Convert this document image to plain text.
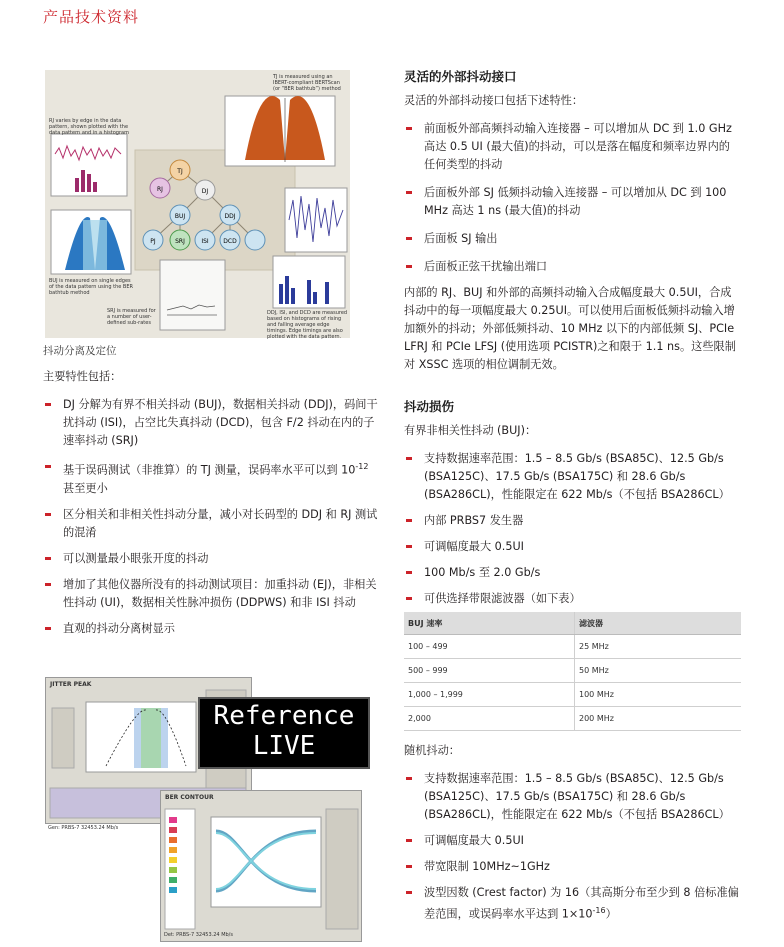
产品技术资料
TJ
DJ
RJ
BUJ	DDJ
PJ	SRJ	ISI DCD
TJ is measured using an IBERT-compliant BERTScan (or “BER bathtub”) method
RJ varies by edge in the data pattern, shown plotted with the data pattern and in a histogram
BUJ is measured on single edges of the data pattern using the BER bathtub method
SRJ is measured for a number of user-defined sub-rates
DDJ, ISI, and DCD are measured based on histograms of rising and falling average edge timings. Edge timings are also plotted with the data pattern.
抖动分离及定位

主要特性包括：

DJ 分解为有界不相关抖动 (BUJ)，数据相关抖动 (DDJ)，码间干扰抖动 (ISI)，占空比失真抖动 (DCD)，包含 F/2 抖动在内的子速率抖动 (SRJ)
基于误码测试（非推算）的 TJ 测量，误码率水平可以到 $10^{-12}$ 甚至更小
区分相关和非相关性抖动分量，减小对长码型的 DDJ 和 RJ 测试的混淆
可以测量最小眼张开度的抖动
增加了其他仪器所没有的抖动测试项目：加重抖动 (EJ)，非相关性抖动 (UI)，数据相关性脉冲损伤 (DDPWS) 和非 ISI 抖动
直观的抖动分离树显示
JITTER PEAK
Reference
LIVE
BER CONTOUR
Gen: PRBS-7 32453.24 Mb/s
Det: PRBS-7 32453.24 Mb/s

灵活的外部抖动接口

灵活的外部抖动接口包括下述特性：

前面板外部高频抖动输入连接器 – 可以增加从 DC 到 1.0 GHz 高达 0.5 UI (最大值)的抖动，可以是落在幅度和频率边界内的任何类型的抖动
后面板外部 SJ 低频抖动输入连接器 – 可以增加从 DC 到 100 MHz 高达 1 ns (最大值)的抖动
后面板 SJ 输出
后面板正弦干扰输出端口

内部的 RJ、BUJ 和外部的高频抖动输入合成幅度最大 0.5UI，合成抖动中的每一项幅度最大 0.25UI。可以使用后面板低频抖动输入增加额外的抖动；外部低频抖动、10 MHz 以下的内部低频 SJ、PCIe LFRJ 和 PCIe LFSJ (使用选项 PCISTR)之和限于 1.1 ns。这些限制对 XSSC 选项的相位调制无效。

抖动损伤

有界非相关性抖动 (BUJ)：

支持数据速率范围：1.5 – 8.5 Gb/s (BSA85C)、12.5 Gb/s (BSA125C)、17.5 Gb/s (BSA175C) 和 28.6 Gb/s (BSA286CL)，性能限定在 622 Mb/s（不包括 BSA286CL）
内部 PRBS7 发生器
可调幅度最大 0.5UI
100 Mb/s 至 2.0 Gb/s
可供选择带限滤波器（如下表）
BUJ 速率	滤波器
100 – 499	25 MHz
500 – 999	50 MHz
1,000 – 1,999	100 MHz
2,000	200 MHz

随机抖动：

支持数据速率范围：1.5 – 8.5 Gb/s (BSA85C)、12.5 Gb/s (BSA125C)、17.5 Gb/s (BSA175C) 和 28.6 Gb/s (BSA286CL)，性能限定在 622 Mb/s（不包括 BSA286CL）
可调幅度最大 0.5UI
带宽限制 10MHz~1GHz
波型因数 (Crest factor) 为 16（其高斯分布至少到 8 倍标准偏差范围，或误码率水平达到 $1\times 10^{-16}$）
